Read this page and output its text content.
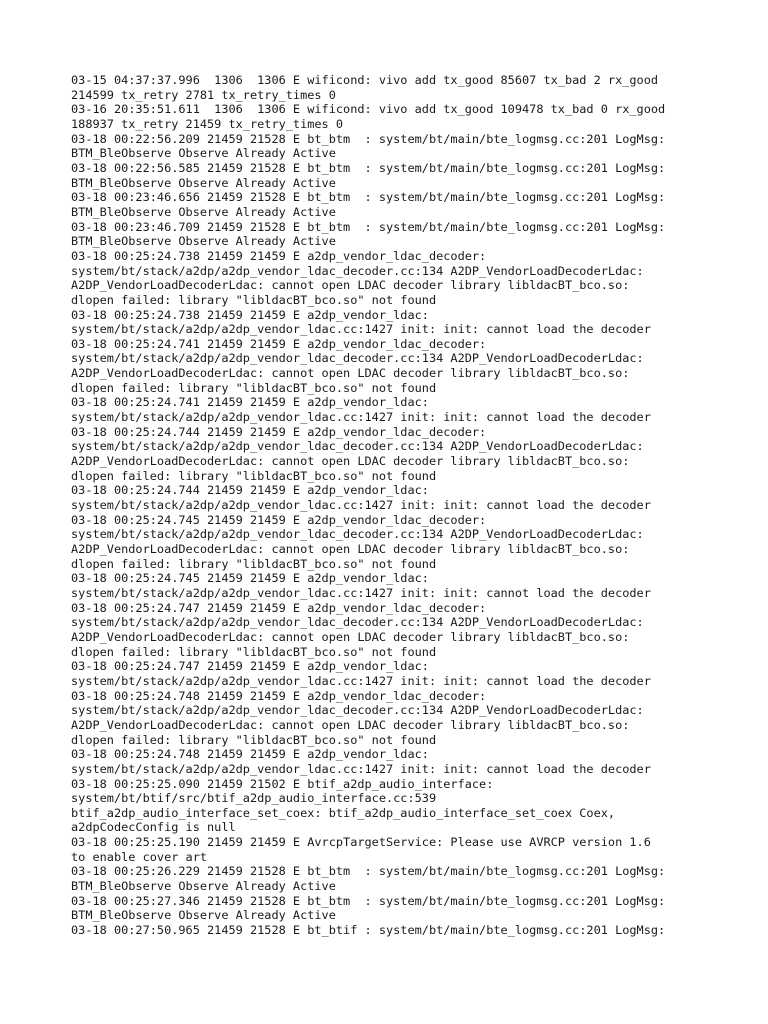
03-15 04:37:37.996  1306  1306 E wificond: vivo add tx_good 85607 tx_bad 2 rx_good
214599 tx_retry 2781 tx_retry_times 0
03-16 20:35:51.611  1306  1306 E wificond: vivo add tx_good 109478 tx_bad 0 rx_good
188937 tx_retry 21459 tx_retry_times 0
03-18 00:22:56.209 21459 21528 E bt_btm  : system/bt/main/bte_logmsg.cc:201 LogMsg:
BTM_BleObserve Observe Already Active
03-18 00:22:56.585 21459 21528 E bt_btm  : system/bt/main/bte_logmsg.cc:201 LogMsg:
BTM_BleObserve Observe Already Active
03-18 00:23:46.656 21459 21528 E bt_btm  : system/bt/main/bte_logmsg.cc:201 LogMsg:
BTM_BleObserve Observe Already Active
03-18 00:23:46.709 21459 21528 E bt_btm  : system/bt/main/bte_logmsg.cc:201 LogMsg:
BTM_BleObserve Observe Already Active
03-18 00:25:24.738 21459 21459 E a2dp_vendor_ldac_decoder:
system/bt/stack/a2dp/a2dp_vendor_ldac_decoder.cc:134 A2DP_VendorLoadDecoderLdac:
A2DP_VendorLoadDecoderLdac: cannot open LDAC decoder library libldacBT_bco.so:
dlopen failed: library "libldacBT_bco.so" not found
03-18 00:25:24.738 21459 21459 E a2dp_vendor_ldac:
system/bt/stack/a2dp/a2dp_vendor_ldac.cc:1427 init: init: cannot load the decoder
03-18 00:25:24.741 21459 21459 E a2dp_vendor_ldac_decoder:
system/bt/stack/a2dp/a2dp_vendor_ldac_decoder.cc:134 A2DP_VendorLoadDecoderLdac:
A2DP_VendorLoadDecoderLdac: cannot open LDAC decoder library libldacBT_bco.so:
dlopen failed: library "libldacBT_bco.so" not found
03-18 00:25:24.741 21459 21459 E a2dp_vendor_ldac:
system/bt/stack/a2dp/a2dp_vendor_ldac.cc:1427 init: init: cannot load the decoder
03-18 00:25:24.744 21459 21459 E a2dp_vendor_ldac_decoder:
system/bt/stack/a2dp/a2dp_vendor_ldac_decoder.cc:134 A2DP_VendorLoadDecoderLdac:
A2DP_VendorLoadDecoderLdac: cannot open LDAC decoder library libldacBT_bco.so:
dlopen failed: library "libldacBT_bco.so" not found
03-18 00:25:24.744 21459 21459 E a2dp_vendor_ldac:
system/bt/stack/a2dp/a2dp_vendor_ldac.cc:1427 init: init: cannot load the decoder
03-18 00:25:24.745 21459 21459 E a2dp_vendor_ldac_decoder:
system/bt/stack/a2dp/a2dp_vendor_ldac_decoder.cc:134 A2DP_VendorLoadDecoderLdac:
A2DP_VendorLoadDecoderLdac: cannot open LDAC decoder library libldacBT_bco.so:
dlopen failed: library "libldacBT_bco.so" not found
03-18 00:25:24.745 21459 21459 E a2dp_vendor_ldac:
system/bt/stack/a2dp/a2dp_vendor_ldac.cc:1427 init: init: cannot load the decoder
03-18 00:25:24.747 21459 21459 E a2dp_vendor_ldac_decoder:
system/bt/stack/a2dp/a2dp_vendor_ldac_decoder.cc:134 A2DP_VendorLoadDecoderLdac:
A2DP_VendorLoadDecoderLdac: cannot open LDAC decoder library libldacBT_bco.so:
dlopen failed: library "libldacBT_bco.so" not found
03-18 00:25:24.747 21459 21459 E a2dp_vendor_ldac:
system/bt/stack/a2dp/a2dp_vendor_ldac.cc:1427 init: init: cannot load the decoder
03-18 00:25:24.748 21459 21459 E a2dp_vendor_ldac_decoder:
system/bt/stack/a2dp/a2dp_vendor_ldac_decoder.cc:134 A2DP_VendorLoadDecoderLdac:
A2DP_VendorLoadDecoderLdac: cannot open LDAC decoder library libldacBT_bco.so:
dlopen failed: library "libldacBT_bco.so" not found
03-18 00:25:24.748 21459 21459 E a2dp_vendor_ldac:
system/bt/stack/a2dp/a2dp_vendor_ldac.cc:1427 init: init: cannot load the decoder
03-18 00:25:25.090 21459 21502 E btif_a2dp_audio_interface:
system/bt/btif/src/btif_a2dp_audio_interface.cc:539
btif_a2dp_audio_interface_set_coex: btif_a2dp_audio_interface_set_coex Coex,
a2dpCodecConfig is null
03-18 00:25:25.190 21459 21459 E AvrcpTargetService: Please use AVRCP version 1.6
to enable cover art
03-18 00:25:26.229 21459 21528 E bt_btm  : system/bt/main/bte_logmsg.cc:201 LogMsg:
BTM_BleObserve Observe Already Active
03-18 00:25:27.346 21459 21528 E bt_btm  : system/bt/main/bte_logmsg.cc:201 LogMsg:
BTM_BleObserve Observe Already Active
03-18 00:27:50.965 21459 21528 E bt_btif : system/bt/main/bte_logmsg.cc:201 LogMsg:
